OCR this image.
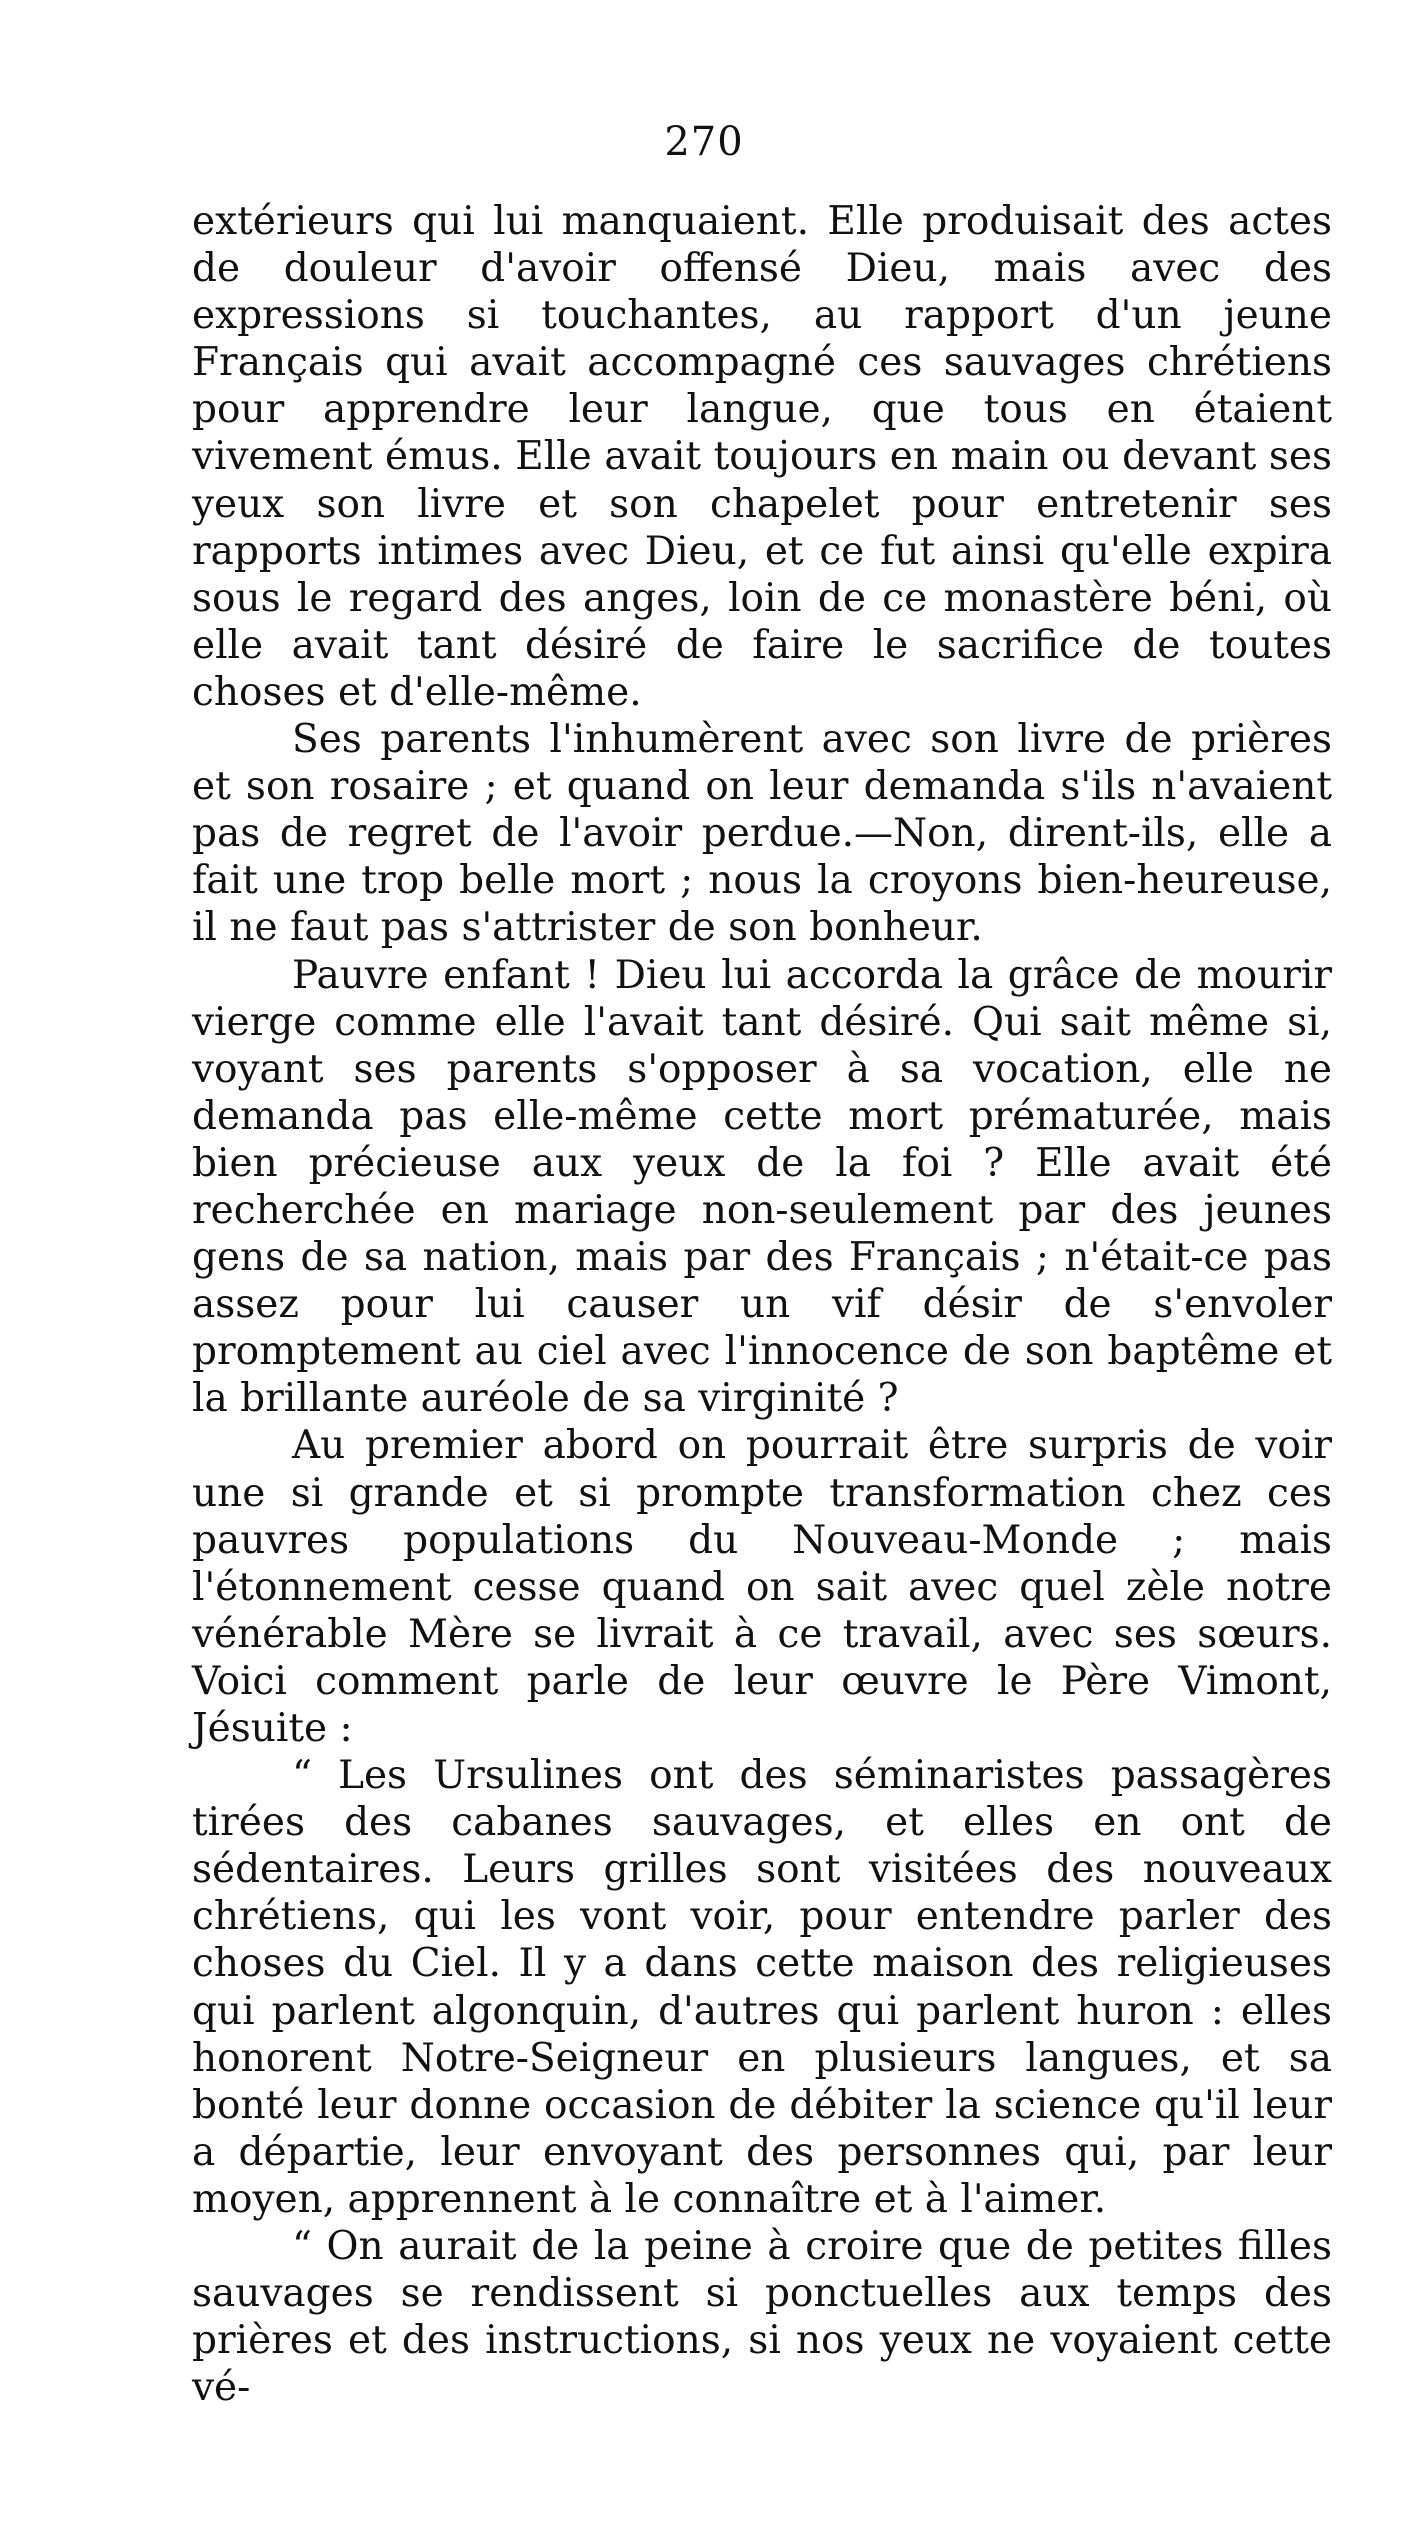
270

extérieurs qui lui manquaient. Elle produisait des actes de douleur d'avoir offensé Dieu, mais avec des expressions si touchantes, au rapport d'un jeune Français qui avait accompagné ces sauvages chrétiens pour apprendre leur langue, que tous en étaient vivement émus. Elle avait toujours en main ou devant ses yeux son livre et son chapelet pour entretenir ses rapports intimes avec Dieu, et ce fut ainsi qu'elle expira sous le regard des anges, loin de ce monastère béni, où elle avait tant désiré de faire le sacrifice de toutes choses et d'elle-même.

Ses parents l'inhumèrent avec son livre de prières et son rosaire ; et quand on leur demanda s'ils n'avaient pas de regret de l'avoir perdue.—Non, dirent-ils, elle a fait une trop belle mort ; nous la croyons bien-heureuse, il ne faut pas s'attrister de son bonheur.

Pauvre enfant ! Dieu lui accorda la grâce de mourir vierge comme elle l'avait tant désiré. Qui sait même si, voyant ses parents s'opposer à sa vocation, elle ne demanda pas elle-même cette mort prématurée, mais bien précieuse aux yeux de la foi ? Elle avait été recherchée en mariage non-seulement par des jeunes gens de sa nation, mais par des Français ; n'était-ce pas assez pour lui causer un vif désir de s'envoler promptement au ciel avec l'innocence de son baptême et la brillante auréole de sa virginité ?

Au premier abord on pourrait être surpris de voir une si grande et si prompte transformation chez ces pauvres populations du Nouveau-Monde ; mais l'étonnement cesse quand on sait avec quel zèle notre vénérable Mère se livrait à ce travail, avec ses sœurs. Voici comment parle de leur œuvre le Père Vimont, Jésuite :

“ Les Ursulines ont des séminaristes passagères tirées des cabanes sauvages, et elles en ont de sédentaires. Leurs grilles sont visitées des nouveaux chrétiens, qui les vont voir, pour entendre parler des choses du Ciel. Il y a dans cette maison des religieuses qui parlent algonquin, d'autres qui parlent huron : elles honorent Notre-Seigneur en plusieurs langues, et sa bonté leur donne occasion de débiter la science qu'il leur a départie, leur envoyant des personnes qui, par leur moyen, apprennent à le connaître et à l'aimer.

“ On aurait de la peine à croire que de petites filles sauvages se rendissent si ponctuelles aux temps des prières et des instructions, si nos yeux ne voyaient cette vé-
